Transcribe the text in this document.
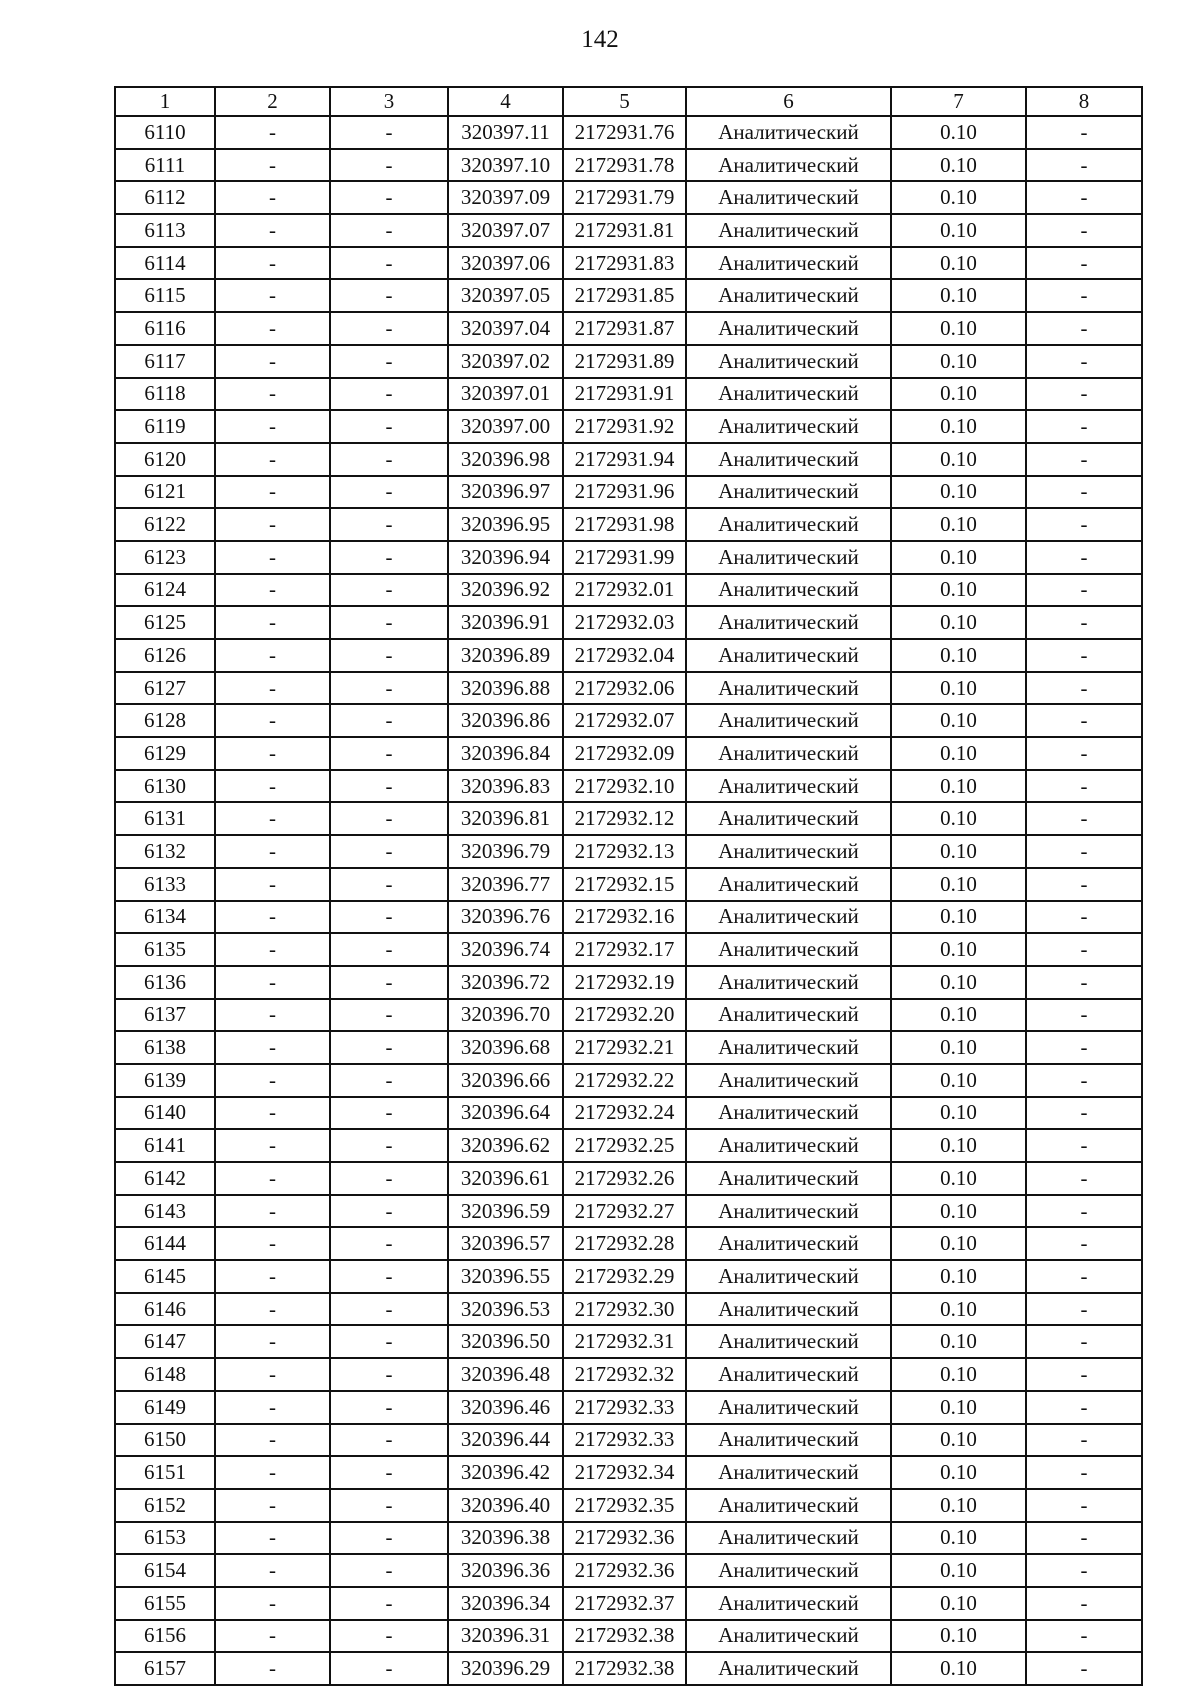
142
1	2	3	4	5	6	7	8
6110	-	-	320397.11	2172931.76	Аналитический	0.10	-
6111	-	-	320397.10	2172931.78	Аналитический	0.10	-
6112	-	-	320397.09	2172931.79	Аналитический	0.10	-
6113	-	-	320397.07	2172931.81	Аналитический	0.10	-
6114	-	-	320397.06	2172931.83	Аналитический	0.10	-
6115	-	-	320397.05	2172931.85	Аналитический	0.10	-
6116	-	-	320397.04	2172931.87	Аналитический	0.10	-
6117	-	-	320397.02	2172931.89	Аналитический	0.10	-
6118	-	-	320397.01	2172931.91	Аналитический	0.10	-
6119	-	-	320397.00	2172931.92	Аналитический	0.10	-
6120	-	-	320396.98	2172931.94	Аналитический	0.10	-
6121	-	-	320396.97	2172931.96	Аналитический	0.10	-
6122	-	-	320396.95	2172931.98	Аналитический	0.10	-
6123	-	-	320396.94	2172931.99	Аналитический	0.10	-
6124	-	-	320396.92	2172932.01	Аналитический	0.10	-
6125	-	-	320396.91	2172932.03	Аналитический	0.10	-
6126	-	-	320396.89	2172932.04	Аналитический	0.10	-
6127	-	-	320396.88	2172932.06	Аналитический	0.10	-
6128	-	-	320396.86	2172932.07	Аналитический	0.10	-
6129	-	-	320396.84	2172932.09	Аналитический	0.10	-
6130	-	-	320396.83	2172932.10	Аналитический	0.10	-
6131	-	-	320396.81	2172932.12	Аналитический	0.10	-
6132	-	-	320396.79	2172932.13	Аналитический	0.10	-
6133	-	-	320396.77	2172932.15	Аналитический	0.10	-
6134	-	-	320396.76	2172932.16	Аналитический	0.10	-
6135	-	-	320396.74	2172932.17	Аналитический	0.10	-
6136	-	-	320396.72	2172932.19	Аналитический	0.10	-
6137	-	-	320396.70	2172932.20	Аналитический	0.10	-
6138	-	-	320396.68	2172932.21	Аналитический	0.10	-
6139	-	-	320396.66	2172932.22	Аналитический	0.10	-
6140	-	-	320396.64	2172932.24	Аналитический	0.10	-
6141	-	-	320396.62	2172932.25	Аналитический	0.10	-
6142	-	-	320396.61	2172932.26	Аналитический	0.10	-
6143	-	-	320396.59	2172932.27	Аналитический	0.10	-
6144	-	-	320396.57	2172932.28	Аналитический	0.10	-
6145	-	-	320396.55	2172932.29	Аналитический	0.10	-
6146	-	-	320396.53	2172932.30	Аналитический	0.10	-
6147	-	-	320396.50	2172932.31	Аналитический	0.10	-
6148	-	-	320396.48	2172932.32	Аналитический	0.10	-
6149	-	-	320396.46	2172932.33	Аналитический	0.10	-
6150	-	-	320396.44	2172932.33	Аналитический	0.10	-
6151	-	-	320396.42	2172932.34	Аналитический	0.10	-
6152	-	-	320396.40	2172932.35	Аналитический	0.10	-
6153	-	-	320396.38	2172932.36	Аналитический	0.10	-
6154	-	-	320396.36	2172932.36	Аналитический	0.10	-
6155	-	-	320396.34	2172932.37	Аналитический	0.10	-
6156	-	-	320396.31	2172932.38	Аналитический	0.10	-
6157	-	-	320396.29	2172932.38	Аналитический	0.10	-
